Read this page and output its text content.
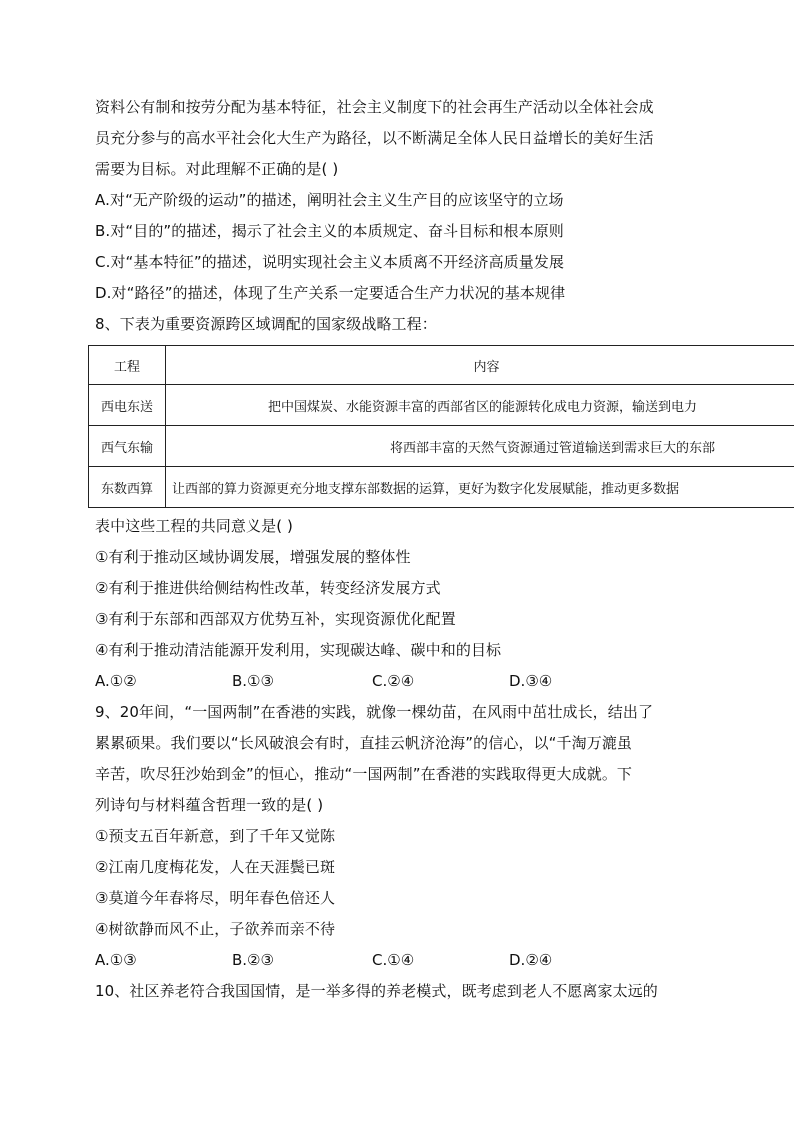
资料公有制和按劳分配为基本特征，社会主义制度下的社会再生产活动以全体社会成
员充分参与的高水平社会化大生产为路径，以不断满足全体人民日益增长的美好生活
需要为目标。对此理解不正确的是( )
A.对“无产阶级的运动”的描述，阐明社会主义生产目的应该坚守的立场
B.对“目的”的描述，揭示了社会主义的本质规定、奋斗目标和根本原则
C.对“基本特征”的描述，说明实现社会主义本质离不开经济高质量发展
D.对“路径”的描述，体现了生产关系一定要适合生产力状况的基本规律
8、下表为重要资源跨区域调配的国家级战略工程：
工程	内容
西电东送	把中国煤炭、水能资源丰富的西部省区的能源转化成电力资源，输送到电力
西气东输	将西部丰富的天然气资源通过管道输送到需求巨大的东部
东数西算	让西部的算力资源更充分地支撑东部数据的运算，更好为数字化发展赋能，推动更多数据
表中这些工程的共同意义是( )
①有利于推动区域协调发展，增强发展的整体性
②有利于推进供给侧结构性改革，转变经济发展方式
③有利于东部和西部双方优势互补，实现资源优化配置
④有利于推动清洁能源开发利用，实现碳达峰、碳中和的目标
A.①②	B.①③	C.②④	D.③④
9、20年间，“一国两制”在香港的实践，就像一棵幼苗，在风雨中茁壮成长，结出了
累累硕果。我们要以“长风破浪会有时，直挂云帆济沧海”的信心，以“千淘万漉虽
辛苦，吹尽狂沙始到金”的恒心，推动“一国两制”在香港的实践取得更大成就。下
列诗句与材料蕴含哲理一致的是( )
①预支五百年新意，到了千年又觉陈
②江南几度梅花发，人在天涯鬓已斑
③莫道今年春将尽，明年春色倍还人
④树欲静而风不止，子欲养而亲不待
A.①③	B.②③	C.①④	D.②④
10、社区养老符合我国国情，是一举多得的养老模式，既考虑到老人不愿离家太远的
